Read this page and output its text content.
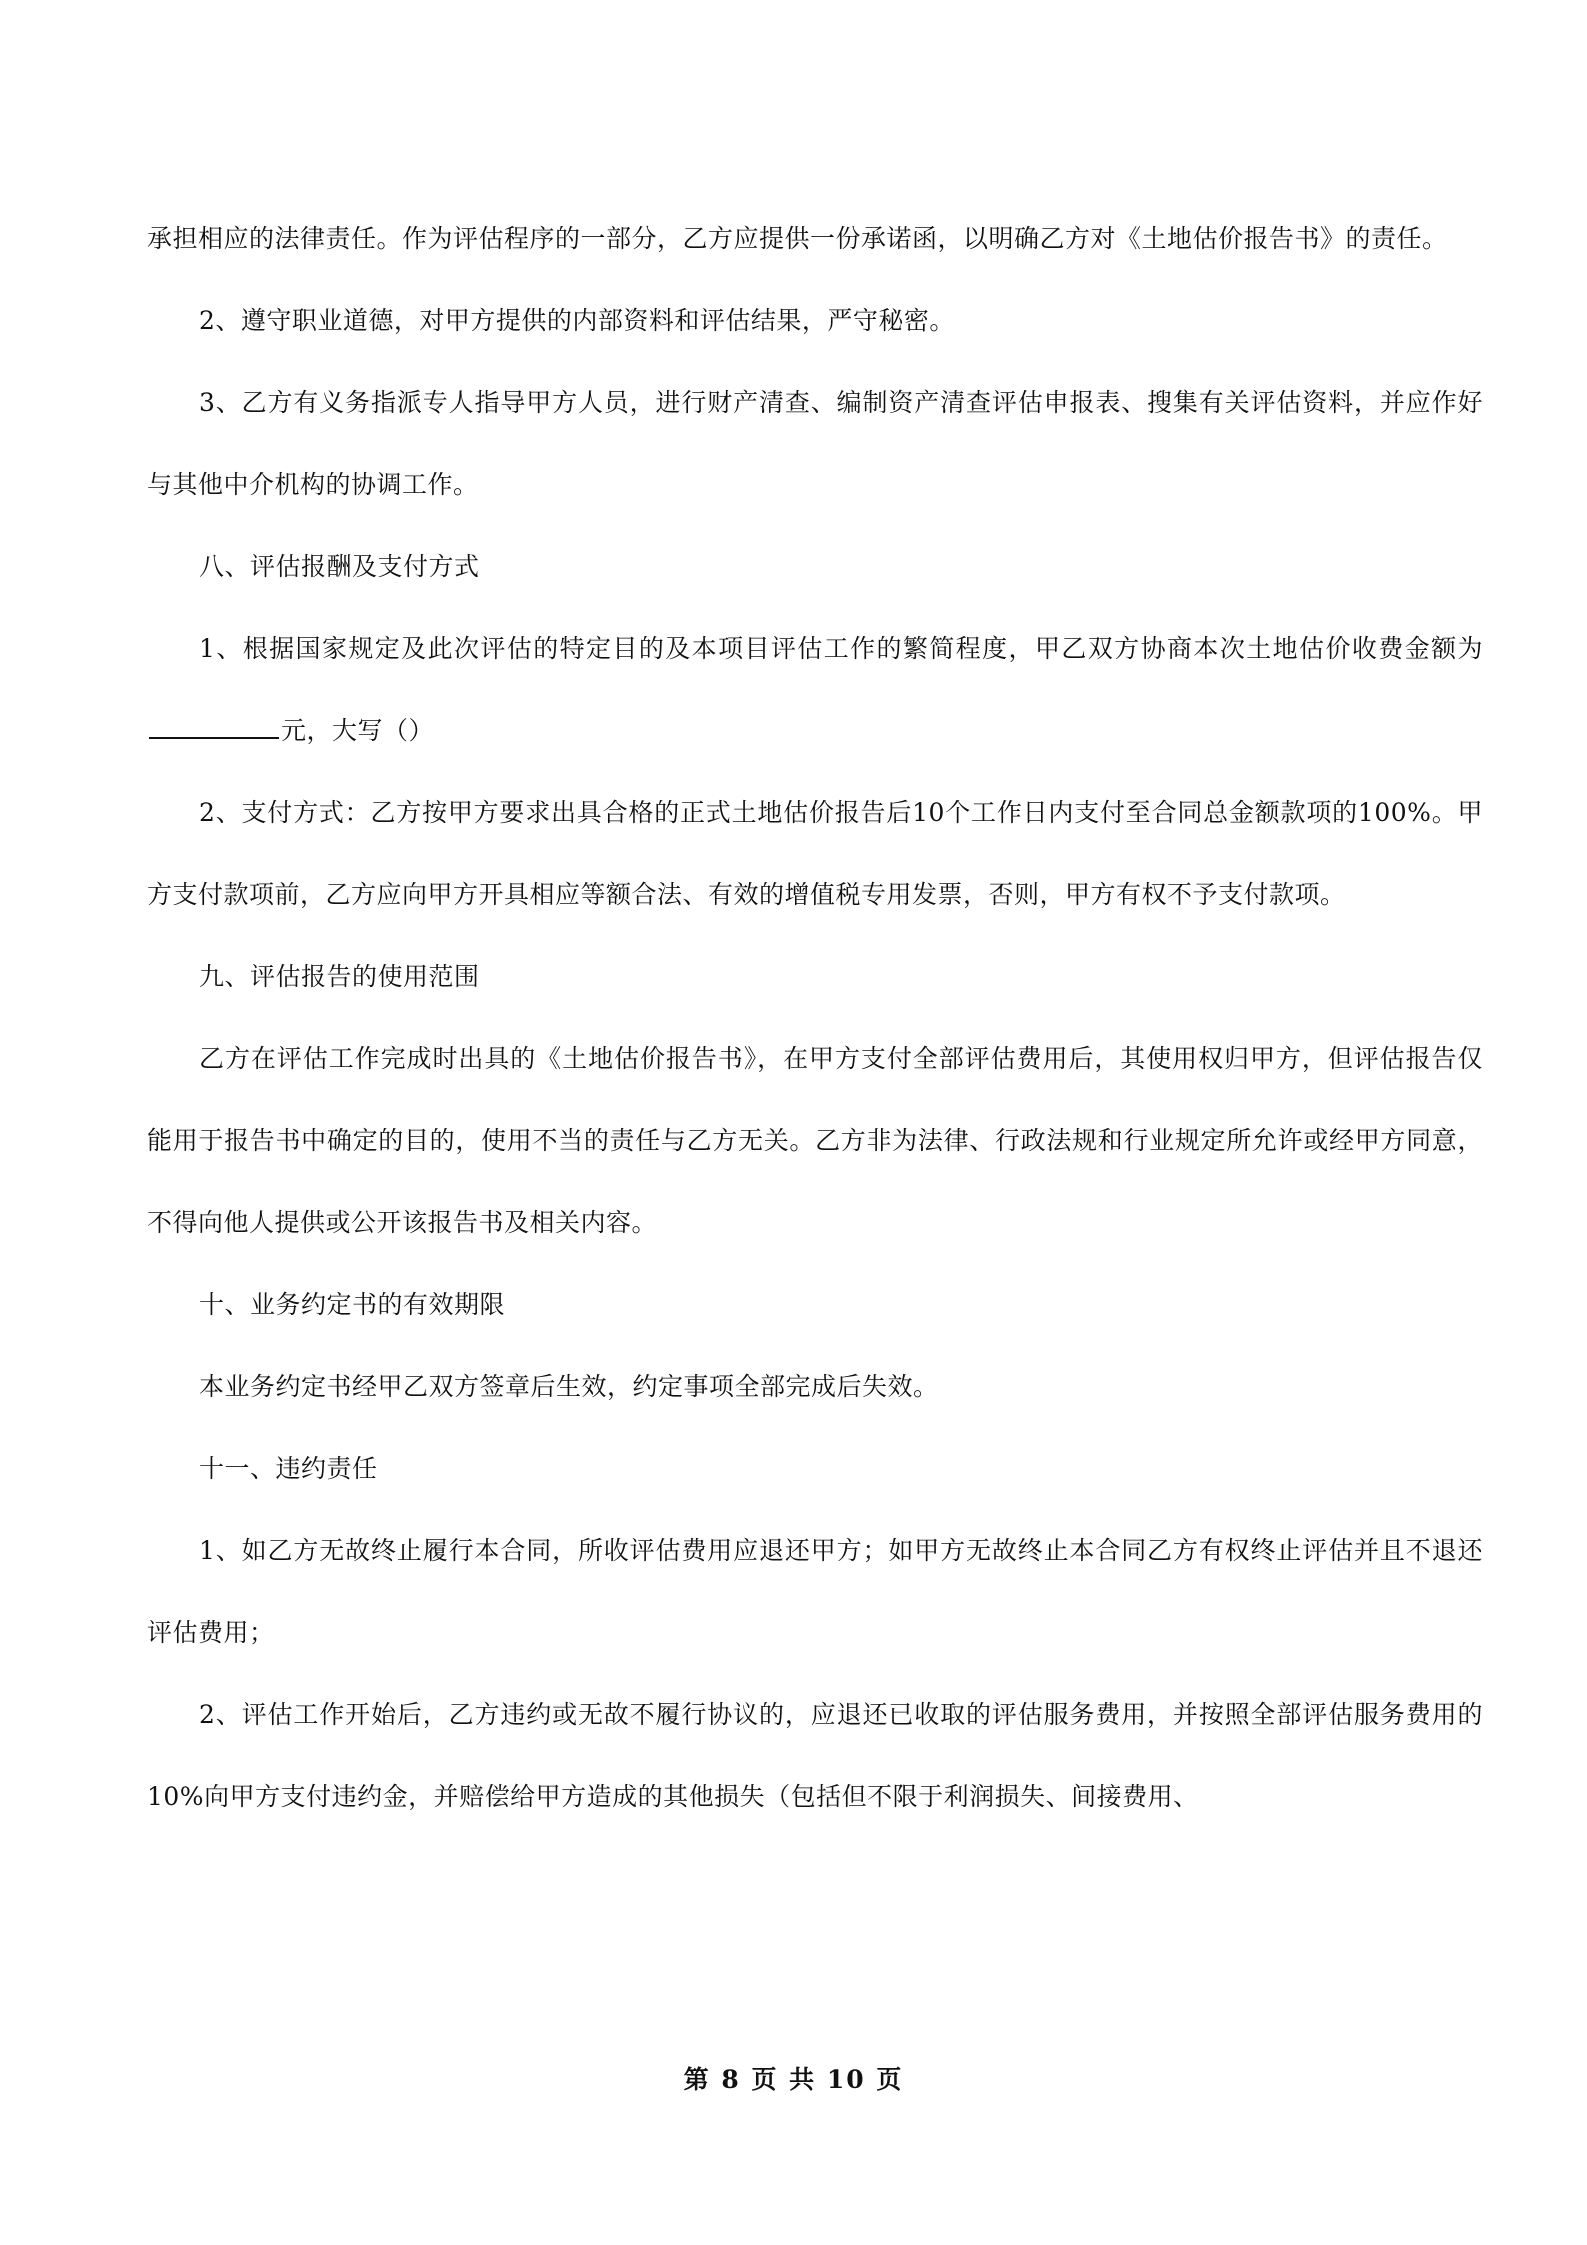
承担相应的法律责任。作为评估程序的一部分，乙方应提供一份承诺函，以明确乙方对《土地估价报告书》的责任。

2、遵守职业道德，对甲方提供的内部资料和评估结果，严守秘密。

3、乙方有义务指派专人指导甲方人员，进行财产清查、编制资产清查评估申报表、搜集有关评估资料，并应作好与其他中介机构的协调工作。

八、评估报酬及支付方式

1、根据国家规定及此次评估的特定目的及本项目评估工作的繁简程度，甲乙双方协商本次土地估价收费金额为元，大写（）

2、支付方式：乙方按甲方要求出具合格的正式土地估价报告后10个工作日内支付至合同总金额款项的100%。甲方支付款项前，乙方应向甲方开具相应等额合法、有效的增值税专用发票，否则，甲方有权不予支付款项。

九、评估报告的使用范围

乙方在评估工作完成时出具的《土地估价报告书》，在甲方支付全部评估费用后，其使用权归甲方，但评估报告仅能用于报告书中确定的目的，使用不当的责任与乙方无关。乙方非为法律、行政法规和行业规定所允许或经甲方同意，不得向他人提供或公开该报告书及相关内容。

十、业务约定书的有效期限

本业务约定书经甲乙双方签章后生效，约定事项全部完成后失效。

十一、违约责任

1、如乙方无故终止履行本合同，所收评估费用应退还甲方；如甲方无故终止本合同乙方有权终止评估并且不退还评估费用；

2、评估工作开始后，乙方违约或无故不履行协议的，应退还已收取的评估服务费用，并按照全部评估服务费用的10%向甲方支付违约金，并赔偿给甲方造成的其他损失（包括但不限于利润损失、间接费用、

第 8 页 共 10 页
